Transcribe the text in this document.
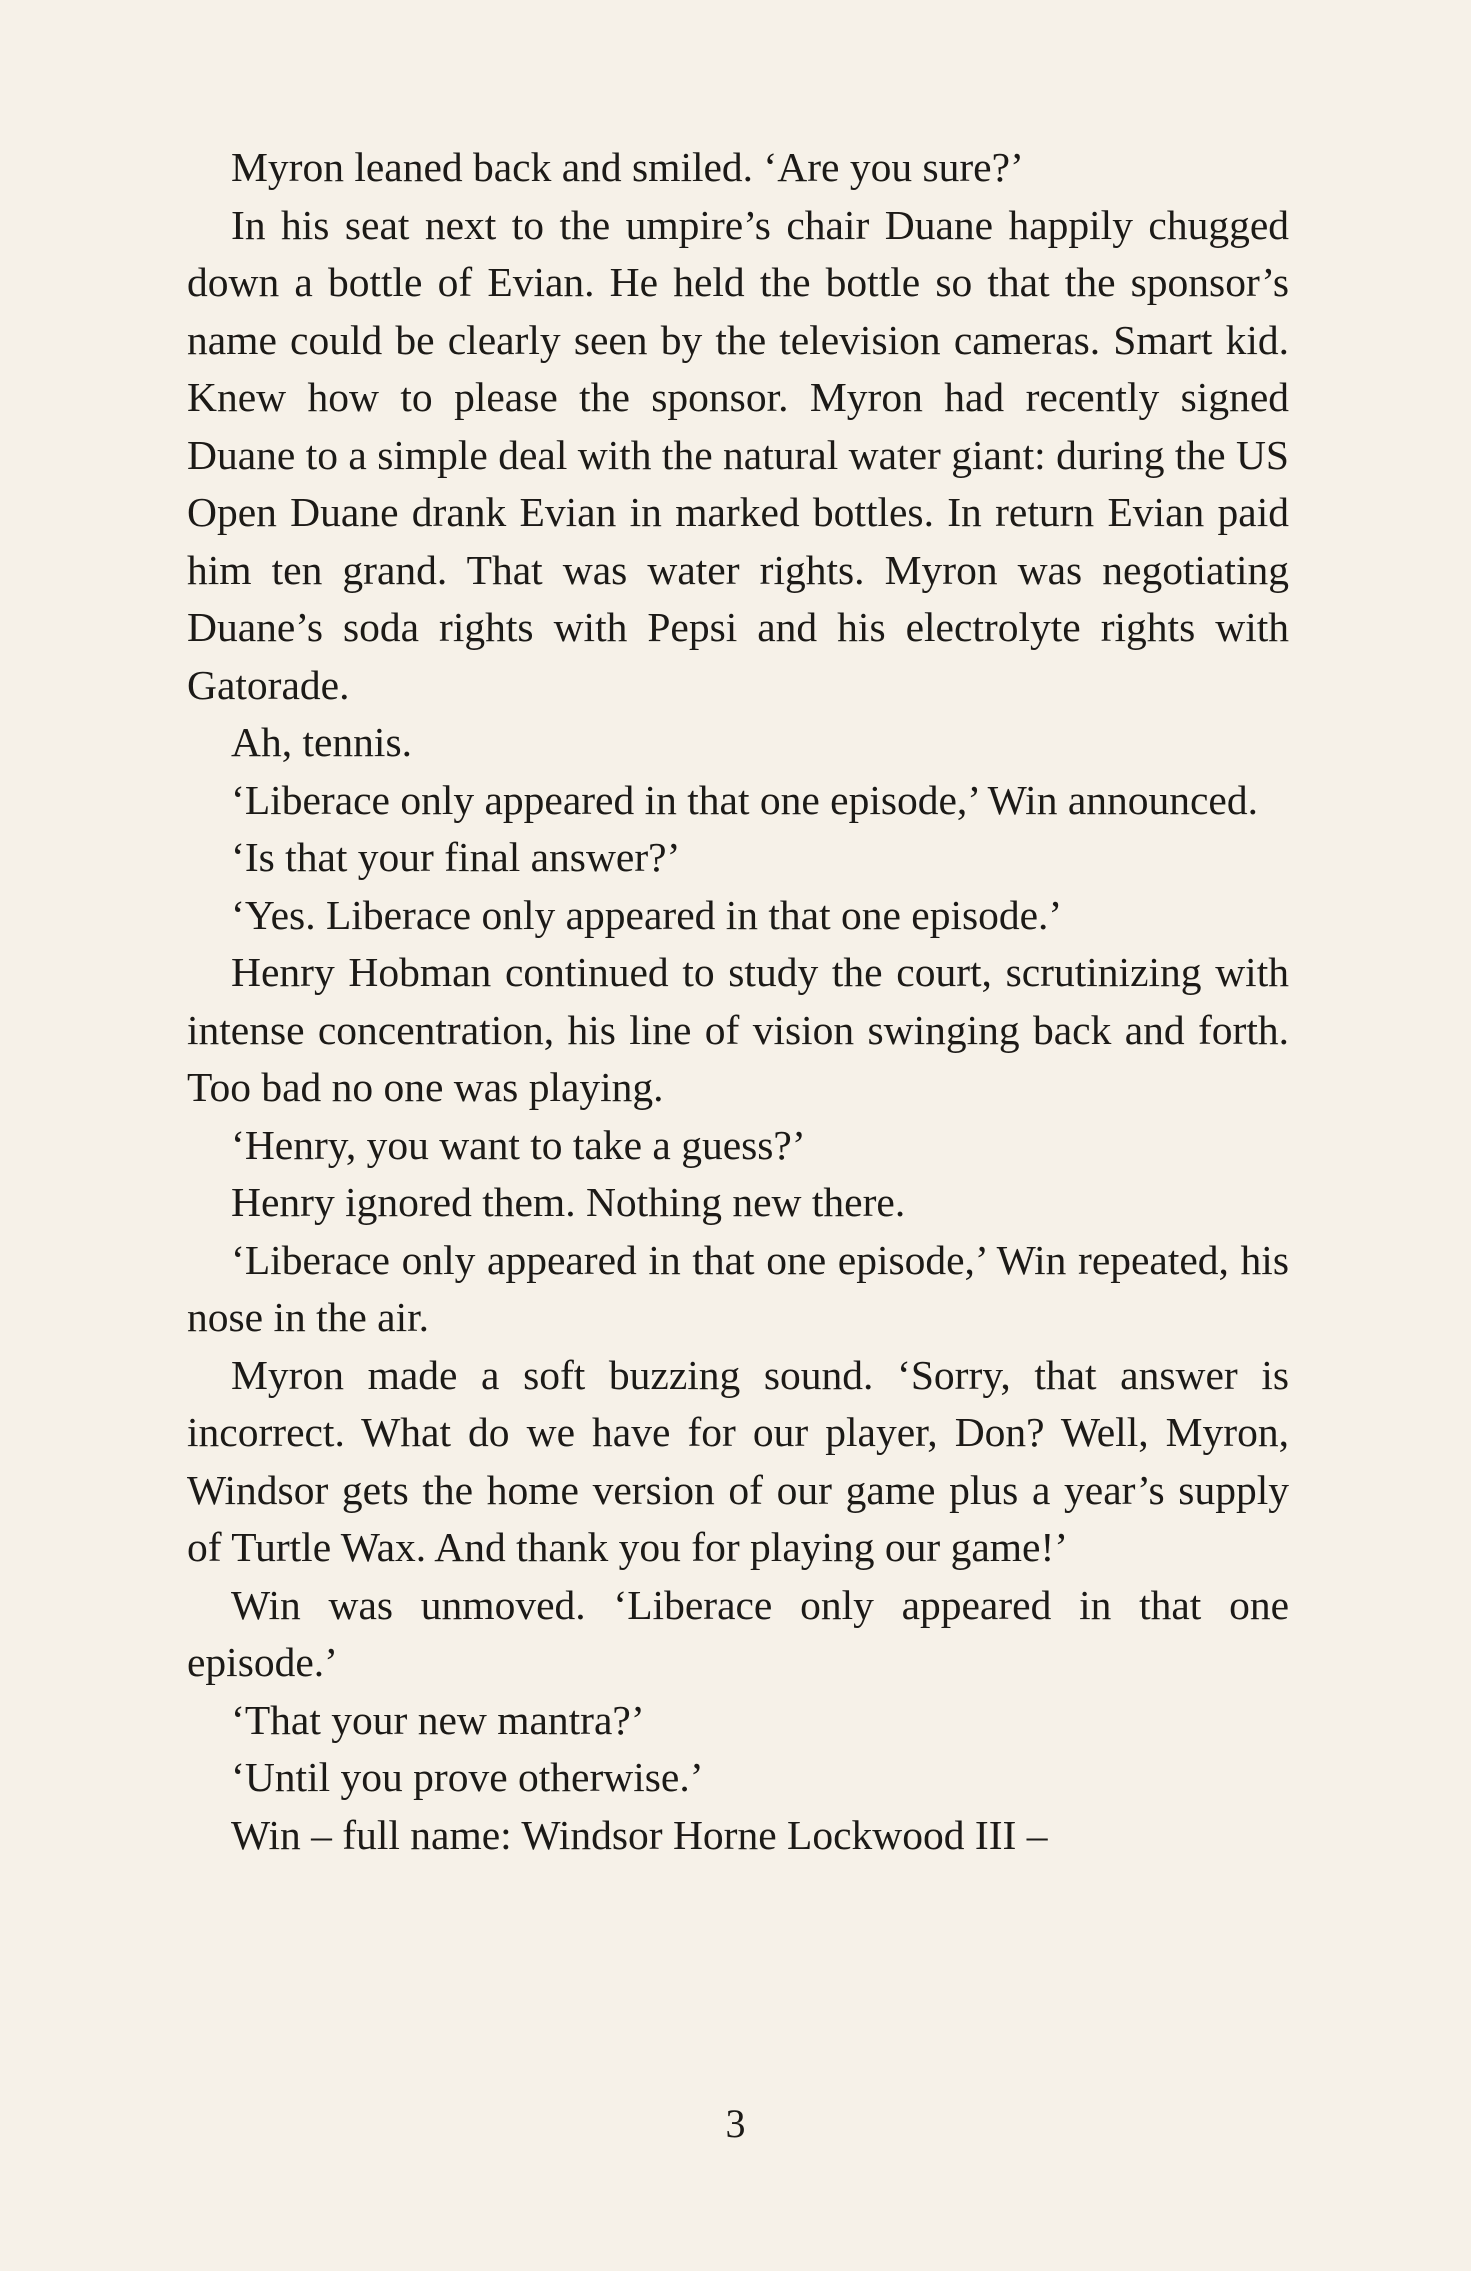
Myron leaned back and smiled. ‘Are you sure?’

In his seat next to the umpire’s chair Duane happily chugged down a bottle of Evian. He held the bottle so that the sponsor’s name could be clearly seen by the television cameras. Smart kid. Knew how to please the sponsor. Myron had recently signed Duane to a simple deal with the natural water giant: during the US Open Duane drank Evian in marked bottles. In return Evian paid him ten grand. That was water rights. Myron was negotiating Duane’s soda rights with Pepsi and his electrolyte rights with Gatorade.

Ah, tennis.

‘Liberace only appeared in that one episode,’ Win announced.

‘Is that your final answer?’

‘Yes. Liberace only appeared in that one episode.’

Henry Hobman continued to study the court, scrutinizing with intense concentration, his line of vision swinging back and forth. Too bad no one was playing.

‘Henry, you want to take a guess?’

Henry ignored them. Nothing new there.

‘Liberace only appeared in that one episode,’ Win repeated, his nose in the air.

Myron made a soft buzzing sound. ‘Sorry, that answer is incorrect. What do we have for our player, Don? Well, Myron, Windsor gets the home version of our game plus a year’s supply of Turtle Wax. And thank you for playing our game!’

Win was unmoved. ‘Liberace only appeared in that one episode.’

‘That your new mantra?’

‘Until you prove otherwise.’

Win – full name: Windsor Horne Lockwood III –

3
